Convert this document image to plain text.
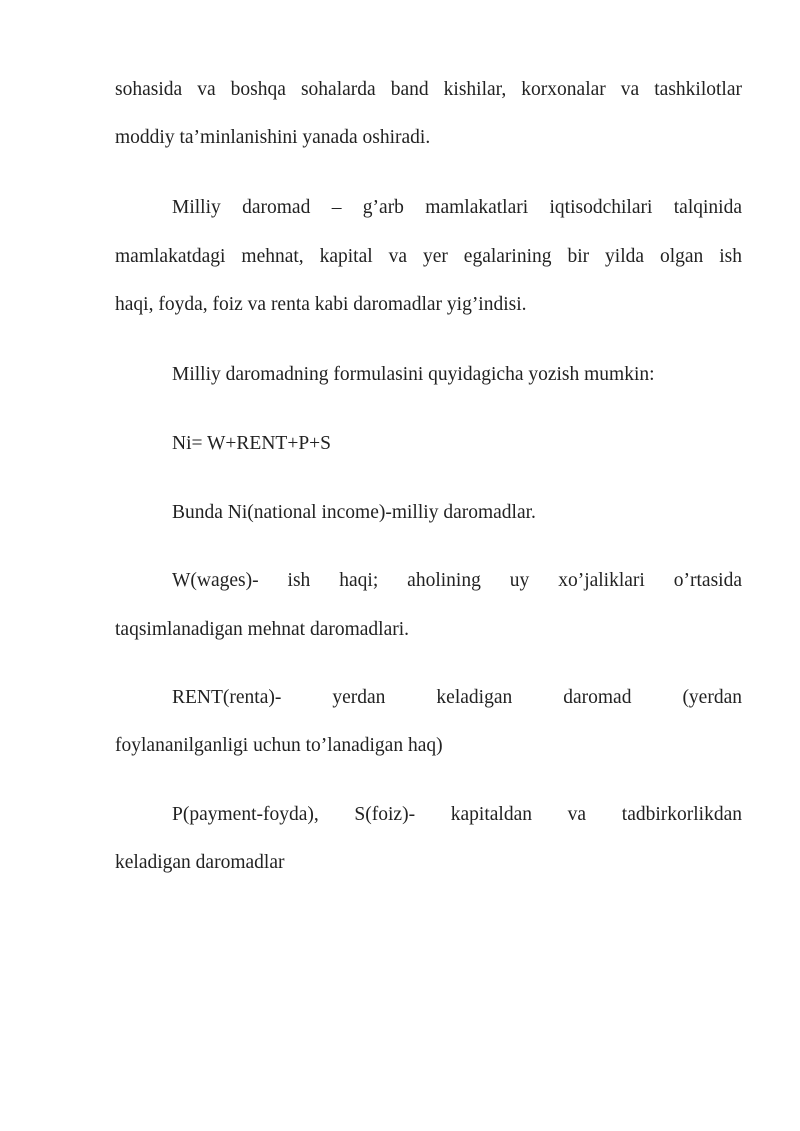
sohasida va boshqa sohalarda band kishilar, korxonalar va tashkilotlar
moddiy ta’minlanishini yanada oshiradi.
Milliy daromad – g’arb mamlakatlari iqtisodchilari talqinida
mamlakatdagi mehnat, kapital va yer egalarining bir yilda olgan ish
haqi, foyda, foiz va renta kabi daromadlar yig’indisi.
Milliy daromadning formulasini quyidagicha yozish mumkin:
Ni= W+RENT+P+S
Bunda Ni(national income)-milliy daromadlar.
W(wages)- ish haqi; aholining uy xo’jaliklari o’rtasida
taqsimlanadigan mehnat daromadlari.
RENT(renta)- yerdan keladigan daromad (yerdan
foylananilganligi uchun to’lanadigan haq)
P(payment-foyda), S(foiz)- kapitaldan va tadbirkorlikdan
keladigan daromadlar
